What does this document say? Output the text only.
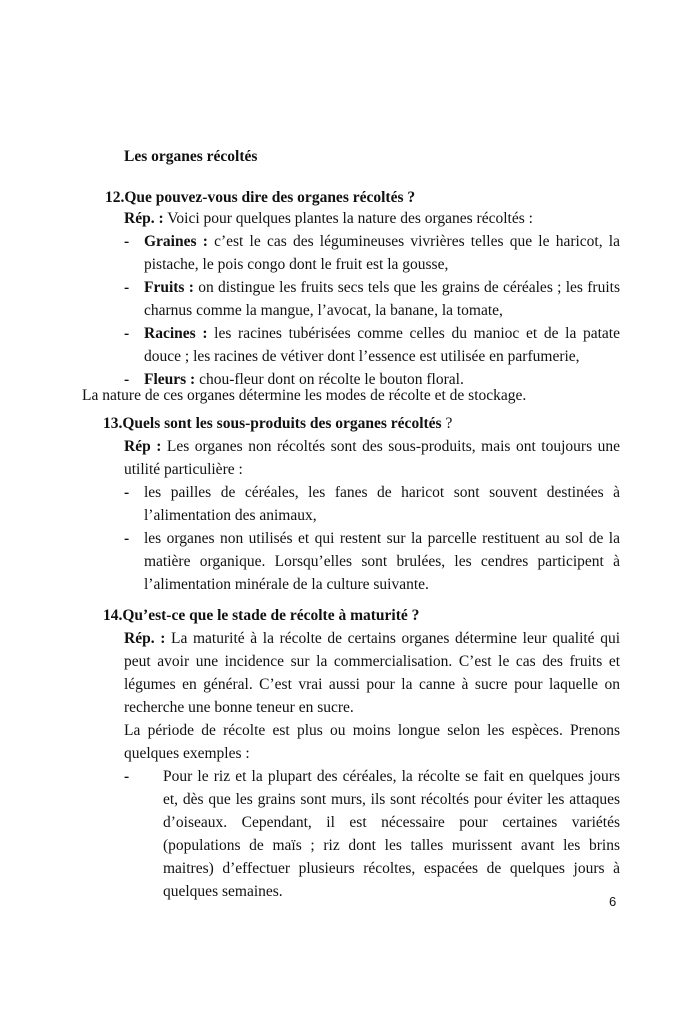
Les organes récoltés
12.Que pouvez-vous dire des organes récoltés ?
Rép. : Voici pour quelques plantes la nature des organes récoltés :
- Graines : c’est le cas des légumineuses vivrières telles que le haricot, la pistache, le pois congo dont le fruit est la gousse,
- Fruits : on distingue les fruits secs tels que les grains de céréales ; les fruits charnus comme la mangue, l’avocat, la banane, la tomate,
- Racines : les racines tubérisées comme celles du manioc et de la patate douce ; les racines de vétiver dont l’essence est utilisée en parfumerie,
- Fleurs : chou-fleur dont on récolte le bouton floral.
La nature de ces organes détermine les modes de récolte et de stockage.
13.Quels sont les sous-produits des organes récoltés ?
Rép : Les organes non récoltés sont des sous-produits, mais ont toujours une utilité particulière :
- les pailles de céréales, les fanes de haricot sont souvent destinées à l’alimentation des animaux,
- les organes non utilisés et qui restent sur la parcelle restituent au sol de la matière organique. Lorsqu’elles sont brulées, les cendres participent à l’alimentation minérale de la culture suivante.
14.Qu’est-ce que le stade de récolte à maturité ?
Rép. : La maturité à la récolte de certains organes détermine leur qualité qui peut avoir une incidence sur la commercialisation. C’est le cas des fruits et légumes en général. C’est vrai aussi pour la canne à sucre pour laquelle on recherche une bonne teneur en sucre.
La période de récolte est plus ou moins longue selon les espèces. Prenons quelques exemples :
- Pour le riz et la plupart des céréales, la récolte se fait en quelques jours et, dès que les grains sont murs, ils sont récoltés pour éviter les attaques d’oiseaux. Cependant, il est nécessaire pour certaines variétés (populations de maïs ; riz dont les talles murissent avant les brins maitres) d’effectuer plusieurs récoltes, espacées de quelques jours à quelques semaines.
6
